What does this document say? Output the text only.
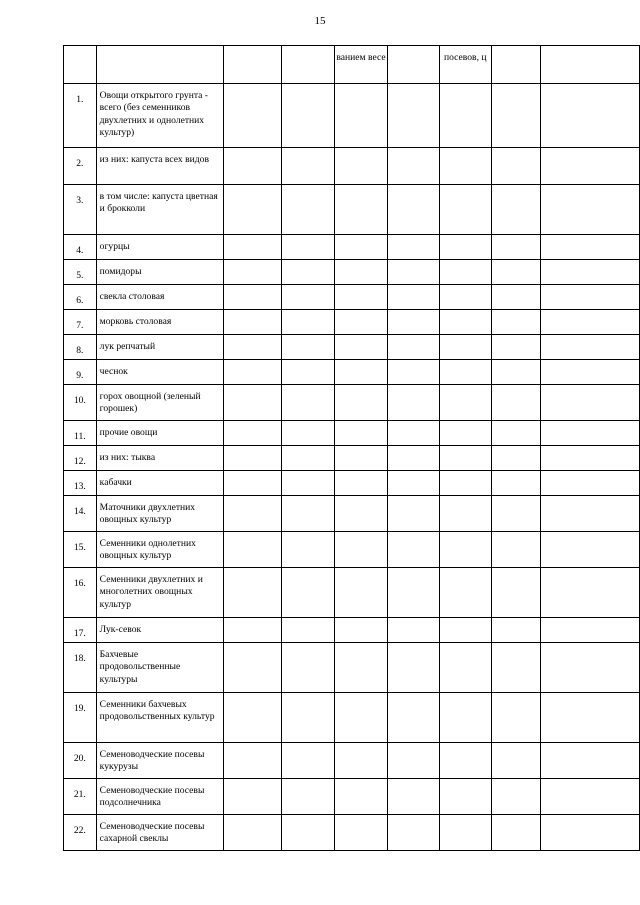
15
				ванием весе		посевов, ц		
1.	Овощи открытого грунта - всего (без семенников двухлетних и однолетних культур)							
2.	из них: капуста всех видов							
3.	в том числе: капуста цветная и брокколи							
4.	огурцы							
5.	помидоры							
6.	свекла столовая							
7.	морковь столовая							
8.	лук репчатый							
9.	чеснок							
10.	горох овощной (зеленый горошек)							
11.	прочие овощи							
12.	из них: тыква							
13.	кабачки							
14.	Маточники двухлетних овощных культур							
15.	Семенники однолетних овощных культур							
16.	Семенники двухлетних и многолетних овощных культур							
17.	Лук-севок							
18.	Бахчевые продовольственные культуры							
19.	Семенники бахчевых продовольственных культур							
20.	Семеноводческие посевы кукурузы							
21.	Семеноводческие посевы подсолнечника							
22.	Семеноводческие посевы сахарной свеклы							
